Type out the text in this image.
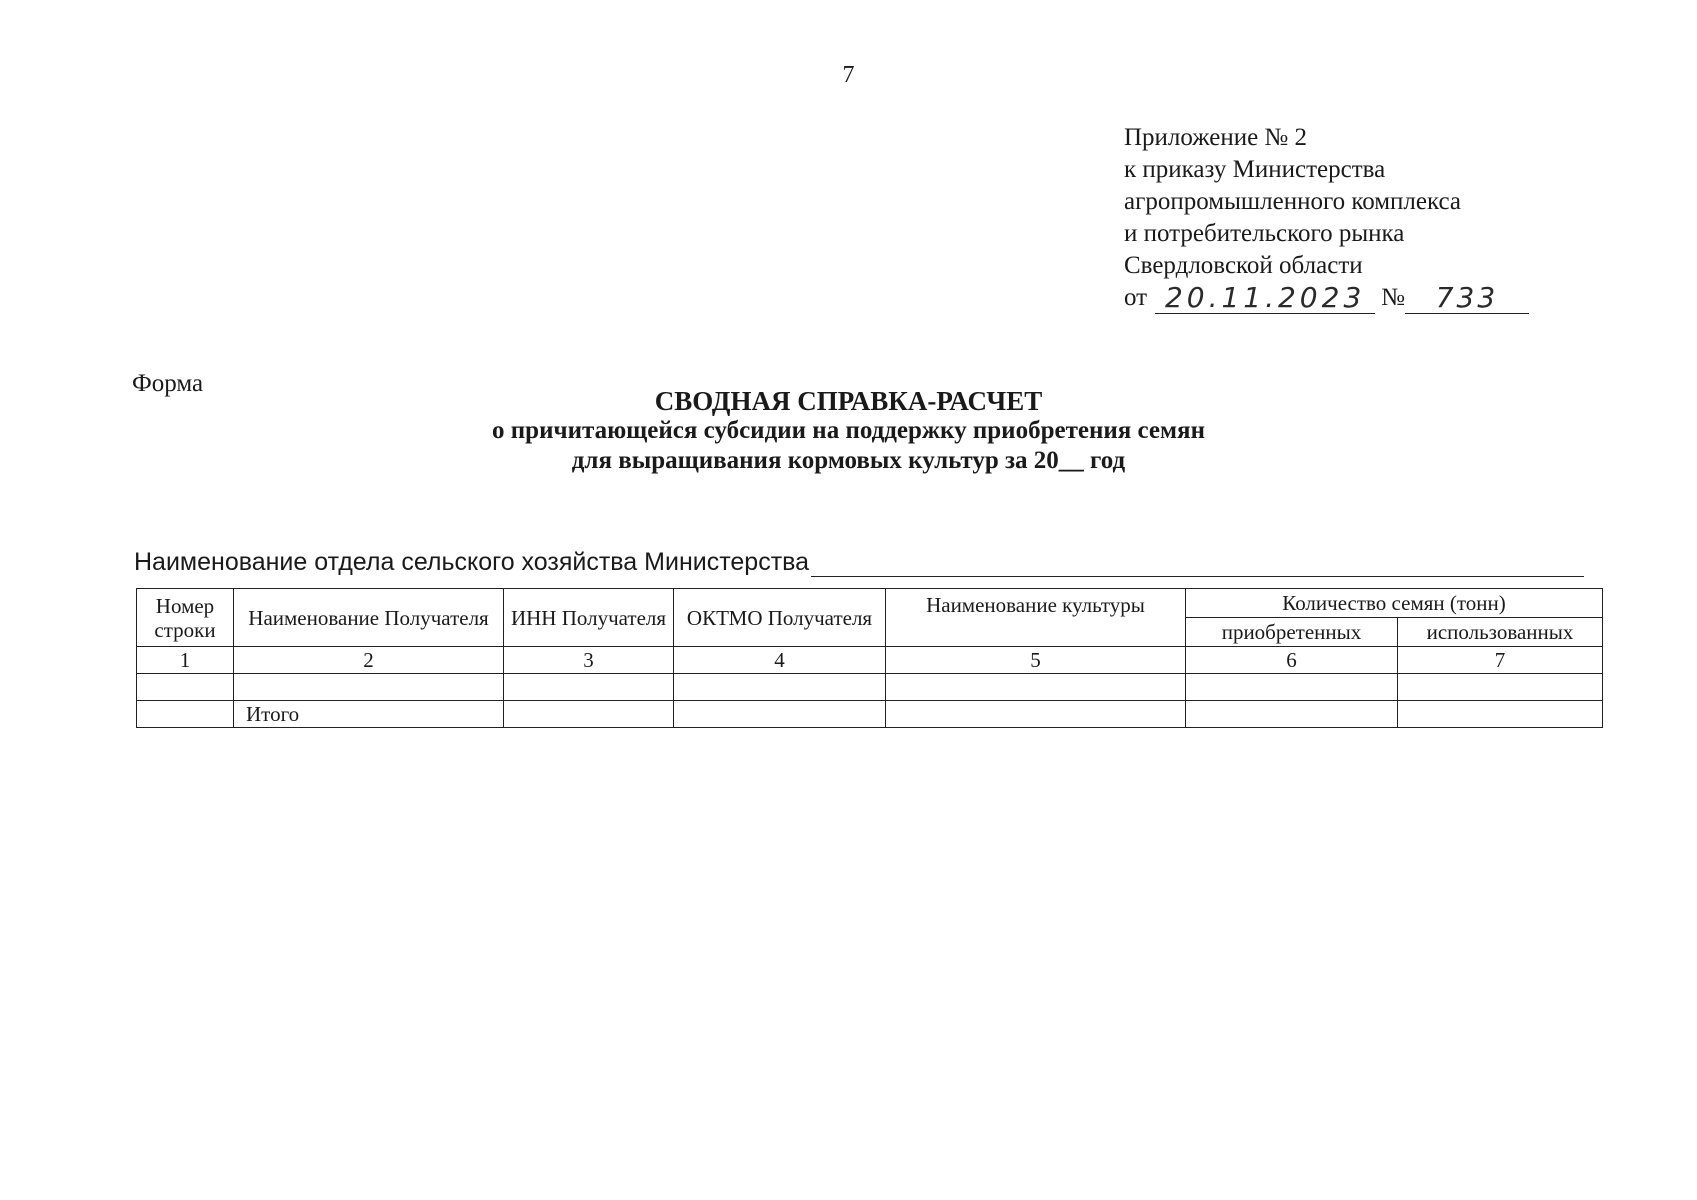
7
Приложение № 2
к приказу Министерства
агропромышленного комплекса
и потребительского рынка
Свердловской области
от 20.11.2023 №	733
Форма
СВОДНАЯ СПРАВКА-РАСЧЕТ
о причитающейся субсидии на поддержку приобретения семян
для выращивания кормовых культур за 20__ год
Наименование отдела сельского хозяйства Министерства
Номер строки	Наименование Получателя	ИНН Получателя	ОКТМО Получателя	Наименование культуры	Количество семян (тонн)	
					приобретенных	использованных
1	2	3	4	5	6	7

	Итого					
